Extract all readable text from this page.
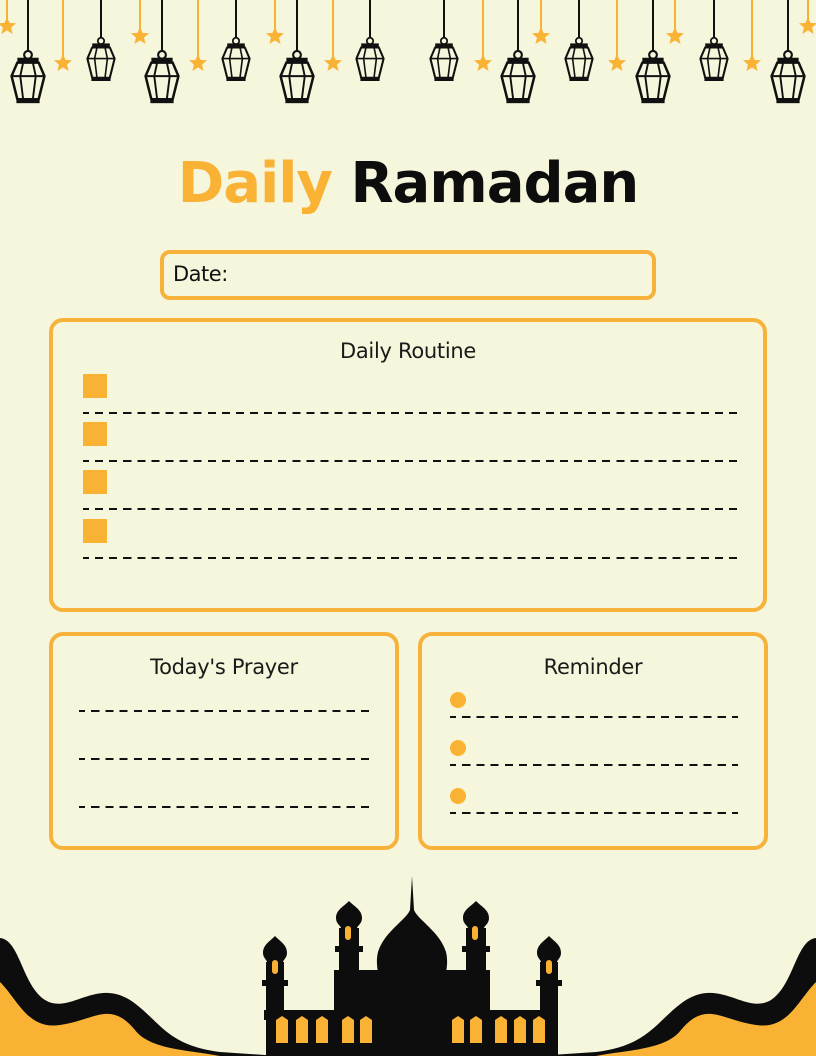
Daily Ramadan
Date:
Daily Routine
Today's Prayer	Reminder
